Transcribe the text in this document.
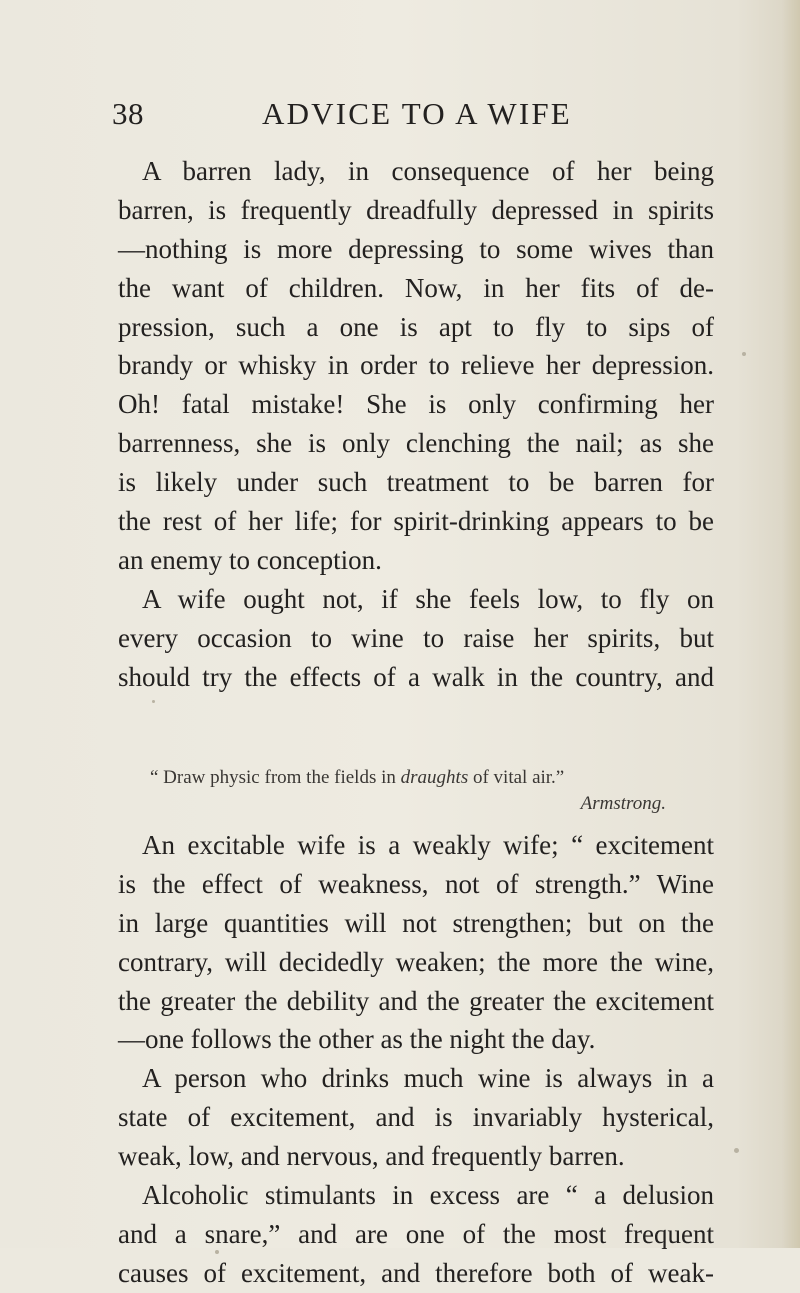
38	ADVICE TO A WIFE
A barren lady, in consequence of her being
barren, is frequently dreadfully depressed in spirits
—nothing is more depressing to some wives than
the want of children. Now, in her fits of de-
pression, such a one is apt to fly to sips of
brandy or whisky in order to relieve her depression.
Oh! fatal mistake! She is only confirming her
barrenness, she is only clenching the nail; as she
is likely under such treatment to be barren for
the rest of her life; for spirit-drinking appears to be
an enemy to conception.
A wife ought not, if she feels low, to fly on
every occasion to wine to raise her spirits, but
should try the effects of a walk in the country, and
“ Draw physic from the fields in draughts of vital air.”
Armstrong.
An excitable wife is a weakly wife; “ excitement
is the effect of weakness, not of strength.” Wine
in large quantities will not strengthen; but on the
contrary, will decidedly weaken; the more the wine,
the greater the debility and the greater the excitement
—one follows the other as the night the day.
A person who drinks much wine is always in a
state of excitement, and is invariably hysterical,
weak, low, and nervous, and frequently barren.
Alcoholic stimulants in excess are “ a delusion
and a snare,” and are one of the most frequent
causes of excitement, and therefore both of weak-
